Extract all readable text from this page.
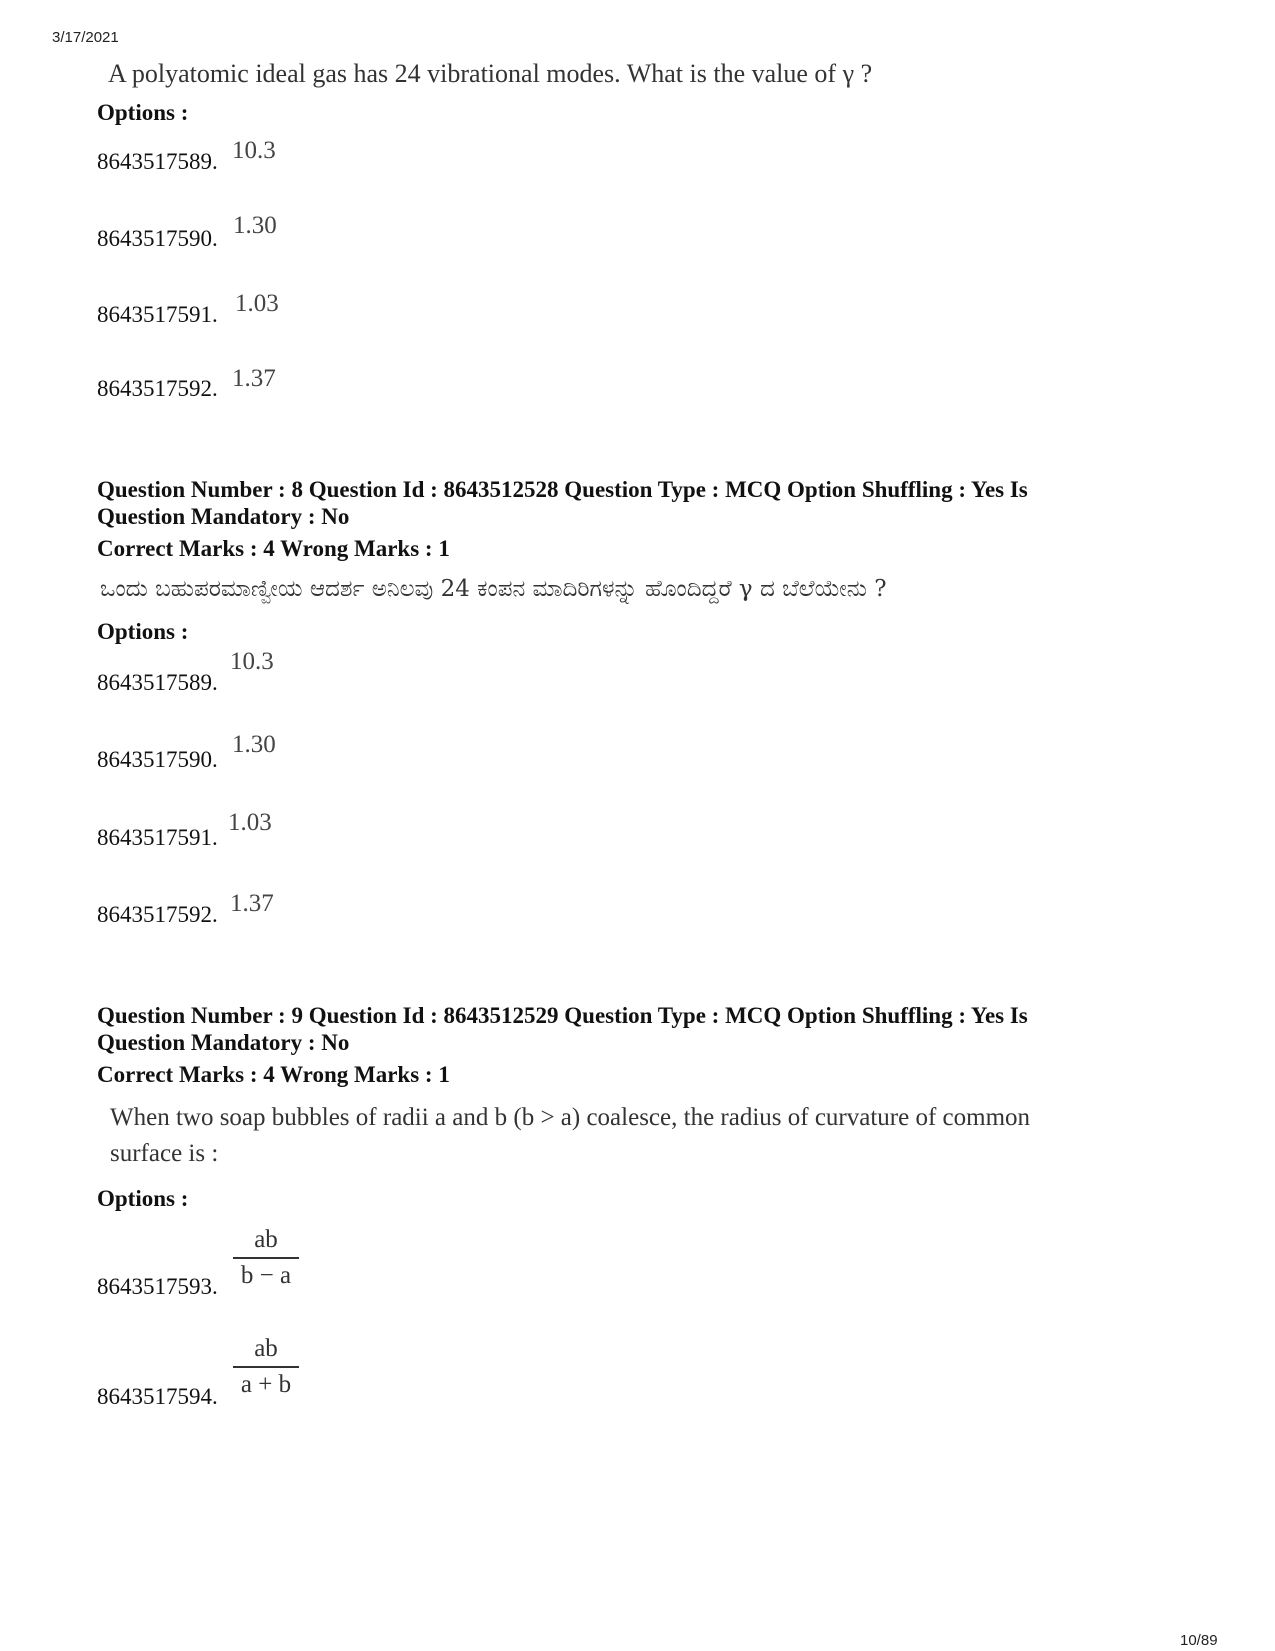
3/17/2021
A polyatomic ideal gas has 24 vibrational modes. What is the value of γ ?
Options :
8643517589. 10.3
8643517590. 1.30
8643517591. 1.03
8643517592. 1.37
Question Number : 8 Question Id : 8643512528 Question Type : MCQ Option Shuffling : Yes Is
Question Mandatory : No
Correct Marks : 4 Wrong Marks : 1
ಒಂದು ಬಹುಪರಮಾಣ್ವೀಯ ಆದರ್ಶ ಅನಿಲವು 24 ಕಂಪನ ಮಾದಿರಿಗಳನ್ನು ಹೊಂದಿದ್ದರೆ γ ದ ಬೆಲೆಯೇನು ?
Options :
8643517589.
10.3
8643517590.
1.30
8643517591.
1.03
8643517592. 1.37
Question Number : 9 Question Id : 8643512529 Question Type : MCQ Option Shuffling : Yes Is
Question Mandatory : No
Correct Marks : 4 Wrong Marks : 1
When two soap bubbles of radii a and b (b > a) coalesce, the radius of curvature of common
surface is :
Options :
8643517593.
ab
b − a
8643517594.
ab
a + b
10/89
